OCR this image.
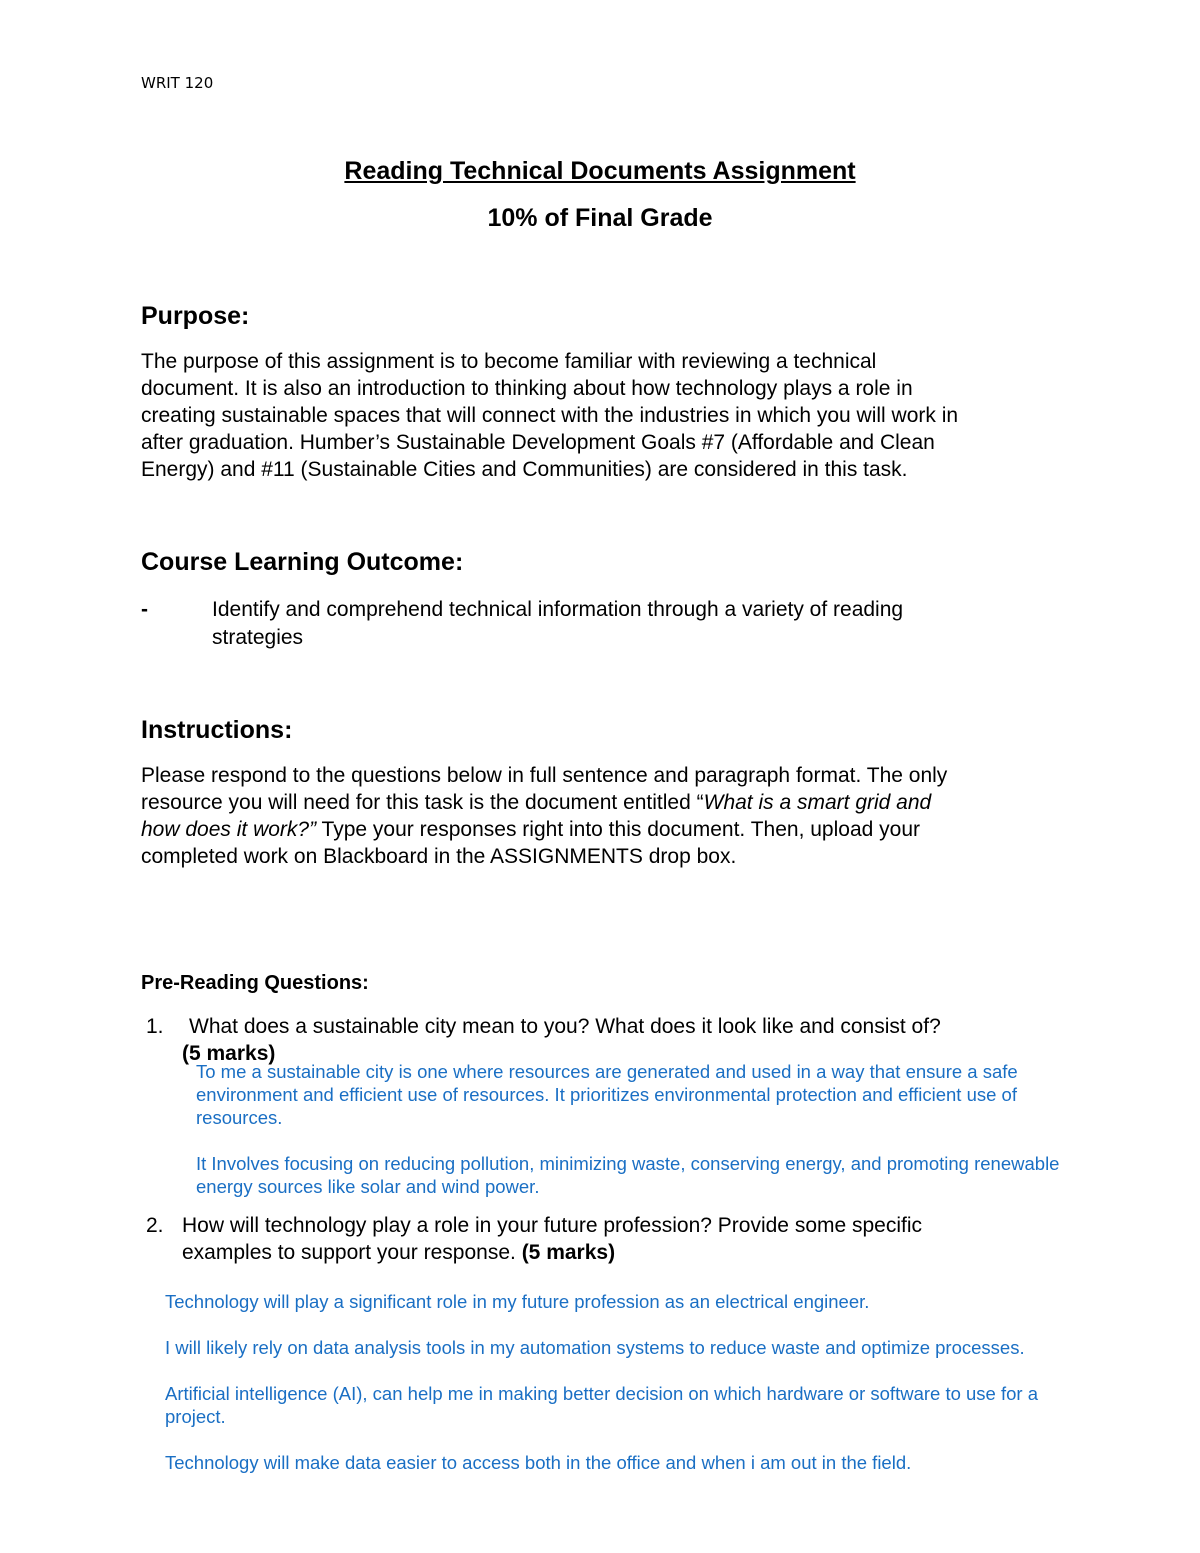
WRIT 120
Reading Technical Documents Assignment
10% of Final Grade
Purpose:
The purpose of this assignment is to become familiar with reviewing a technical
document. It is also an introduction to thinking about how technology plays a role in
creating sustainable spaces that will connect with the industries in which you will work in
after graduation. Humber’s Sustainable Development Goals #7 (Affordable and Clean
Energy) and #11 (Sustainable Cities and Communities) are considered in this task.
Course Learning Outcome:
-	Identify and comprehend technical information through a variety of reading
strategies
Instructions:
Please respond to the questions below in full sentence and paragraph format. The only
resource you will need for this task is the document entitled “What is a smart grid and
how does it work?” Type your responses right into this document. Then, upload your
completed work on Blackboard in the ASSIGNMENTS drop box.
Pre-Reading Questions:
1. What does a sustainable city mean to you? What does it look like and consist of?
(5 marks)
To me a sustainable city is one where resources are generated and used in a way that ensure a safe
environment and efficient use of resources. It prioritizes environmental protection and efficient use of
resources.
It Involves focusing on reducing pollution, minimizing waste, conserving energy, and promoting renewable
energy sources like solar and wind power.
2. How will technology play a role in your future profession? Provide some specific
examples to support your response. (5 marks)
Technology will play a significant role in my future profession as an electrical engineer.
I will likely rely on data analysis tools in my automation systems to reduce waste and optimize processes.
Artificial intelligence (AI), can help me in making better decision on which hardware or software to use for a
project.
Technology will make data easier to access both in the office and when i am out in the field.
